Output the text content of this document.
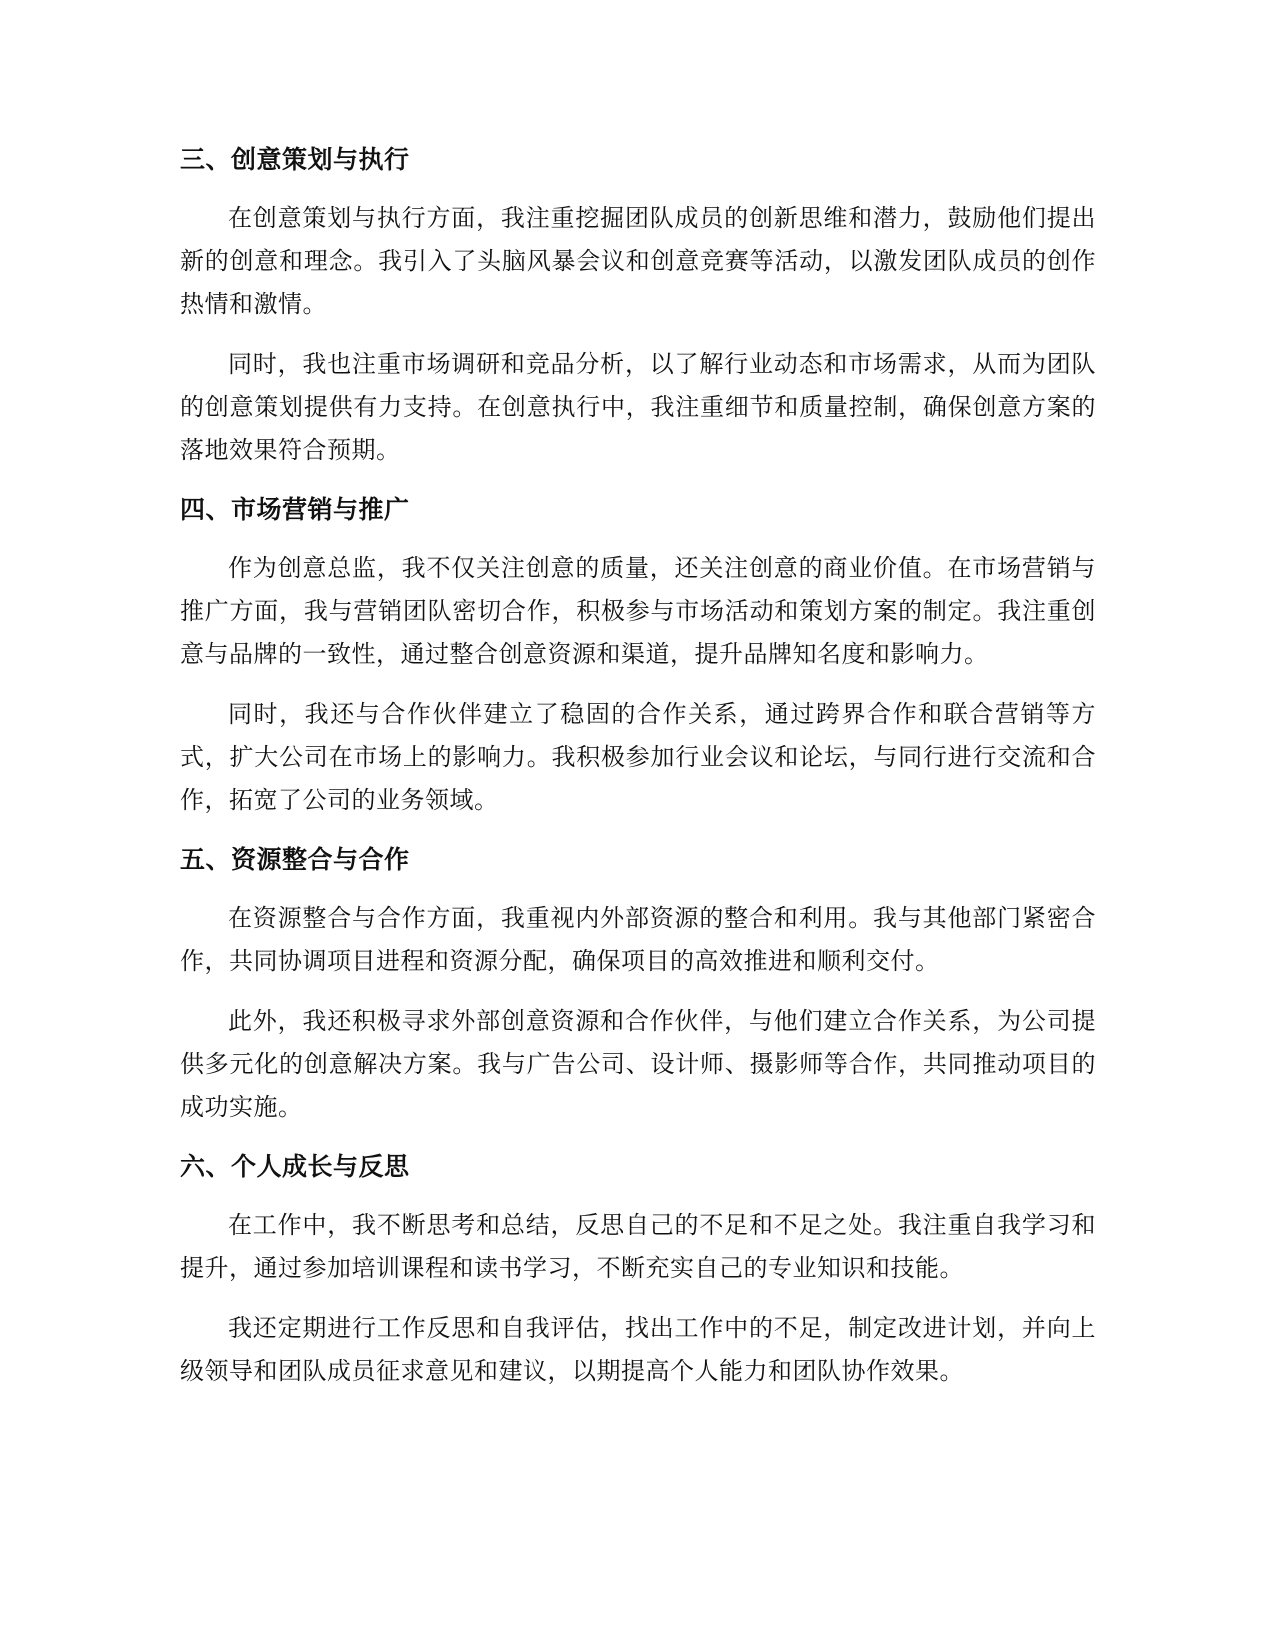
三、创意策划与执行

在创意策划与执行方面，我注重挖掘团队成员的创新思维和潜力，鼓励他们提出新的创意和理念。我引入了头脑风暴会议和创意竞赛等活动，以激发团队成员的创作热情和激情。

同时，我也注重市场调研和竞品分析，以了解行业动态和市场需求，从而为团队的创意策划提供有力支持。在创意执行中，我注重细节和质量控制，确保创意方案的落地效果符合预期。

四、市场营销与推广

作为创意总监，我不仅关注创意的质量，还关注创意的商业价值。在市场营销与推广方面，我与营销团队密切合作，积极参与市场活动和策划方案的制定。我注重创意与品牌的一致性，通过整合创意资源和渠道，提升品牌知名度和影响力。

同时，我还与合作伙伴建立了稳固的合作关系，通过跨界合作和联合营销等方式，扩大公司在市场上的影响力。我积极参加行业会议和论坛，与同行进行交流和合作，拓宽了公司的业务领域。

五、资源整合与合作

在资源整合与合作方面，我重视内外部资源的整合和利用。我与其他部门紧密合作，共同协调项目进程和资源分配，确保项目的高效推进和顺利交付。

此外，我还积极寻求外部创意资源和合作伙伴，与他们建立合作关系，为公司提供多元化的创意解决方案。我与广告公司、设计师、摄影师等合作，共同推动项目的成功实施。

六、个人成长与反思

在工作中，我不断思考和总结，反思自己的不足和不足之处。我注重自我学习和提升，通过参加培训课程和读书学习，不断充实自己的专业知识和技能。

我还定期进行工作反思和自我评估，找出工作中的不足，制定改进计划，并向上级领导和团队成员征求意见和建议，以期提高个人能力和团队协作效果。
